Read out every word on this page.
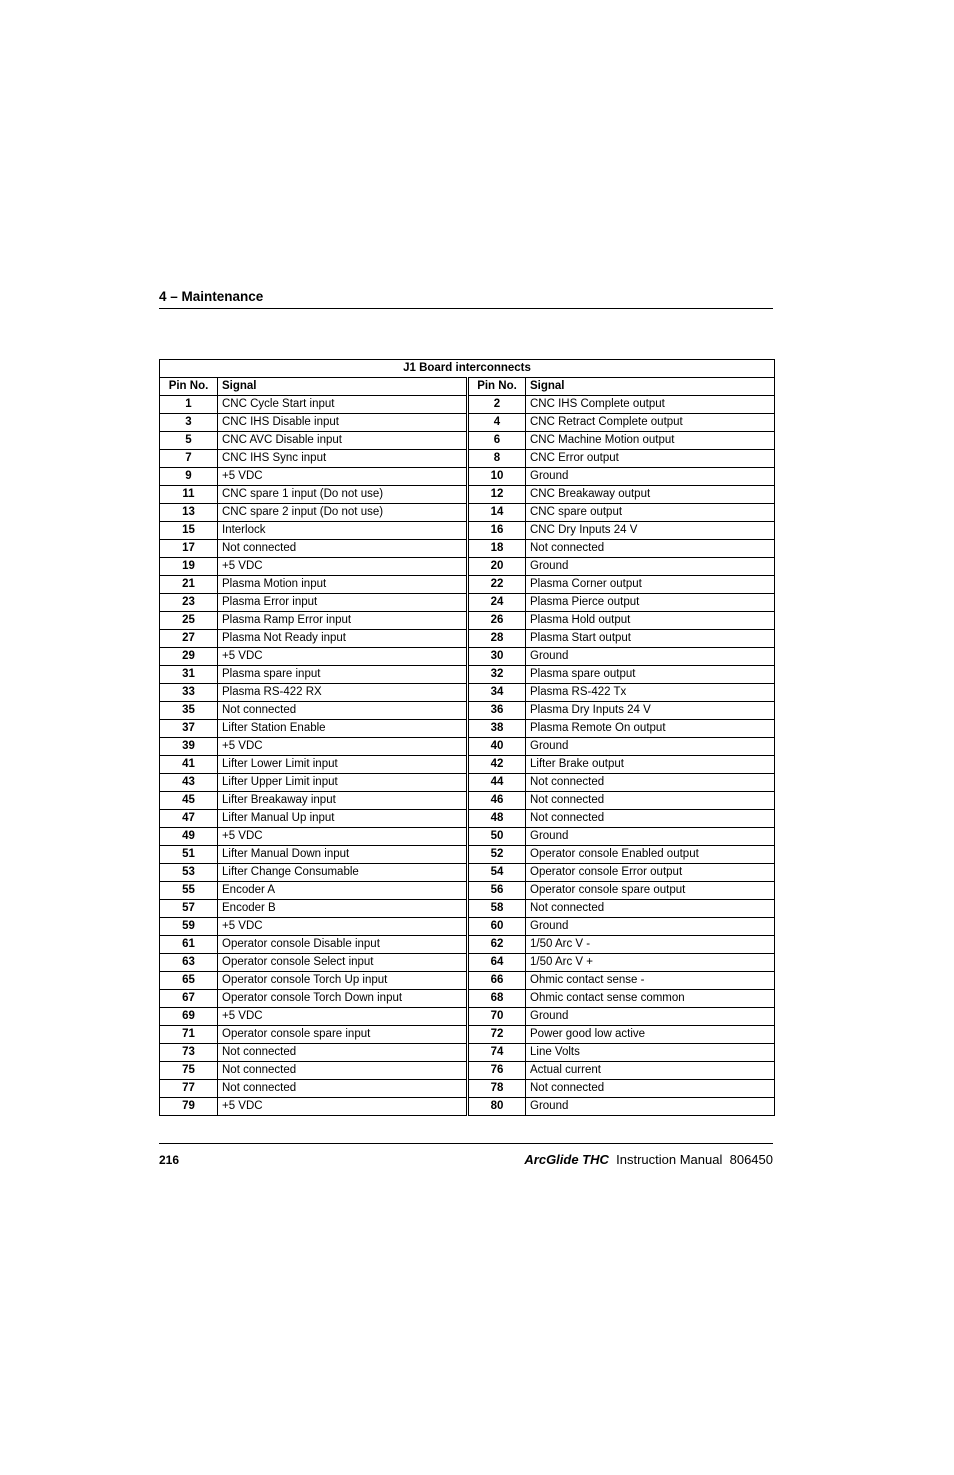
4 – Maintenance
J1 Board interconnects			
Pin No.	Signal	Pin No.	Signal
1	CNC Cycle Start input	2	CNC IHS Complete output
3	CNC IHS Disable input	4	CNC Retract Complete output
5	CNC AVC Disable input	6	CNC Machine Motion output
7	CNC IHS Sync input	8	CNC Error output
9	+5 VDC	10	Ground
11	CNC spare 1 input (Do not use)	12	CNC Breakaway output
13	CNC spare 2 input (Do not use)	14	CNC spare output
15	Interlock	16	CNC Dry Inputs 24 V
17	Not connected	18	Not connected
19	+5 VDC	20	Ground
21	Plasma Motion input	22	Plasma Corner output
23	Plasma Error input	24	Plasma Pierce output
25	Plasma Ramp Error input	26	Plasma Hold output
27	Plasma Not Ready input	28	Plasma Start output
29	+5 VDC	30	Ground
31	Plasma spare input	32	Plasma spare output
33	Plasma RS-422 RX	34	Plasma RS-422 Tx
35	Not connected	36	Plasma Dry Inputs 24 V
37	Lifter Station Enable	38	Plasma Remote On output
39	+5 VDC	40	Ground
41	Lifter Lower Limit input	42	Lifter Brake output
43	Lifter Upper Limit input	44	Not connected
45	Lifter Breakaway input	46	Not connected
47	Lifter Manual Up input	48	Not connected
49	+5 VDC	50	Ground
51	Lifter Manual Down input	52	Operator console Enabled output
53	Lifter Change Consumable	54	Operator console Error output
55	Encoder A	56	Operator console spare output
57	Encoder B	58	Not connected
59	+5 VDC	60	Ground
61	Operator console Disable input	62	1/50 Arc V -
63	Operator console Select input	64	1/50 Arc V +
65	Operator console Torch Up input	66	Ohmic contact sense -
67	Operator console Torch Down input	68	Ohmic contact sense common
69	+5 VDC	70	Ground
71	Operator console spare input	72	Power good low active
73	Not connected	74	Line Volts
75	Not connected	76	Actual current
77	Not connected	78	Not connected
79	+5 VDC	80	Ground
216	ArcGlide THC Instruction Manual 806450
